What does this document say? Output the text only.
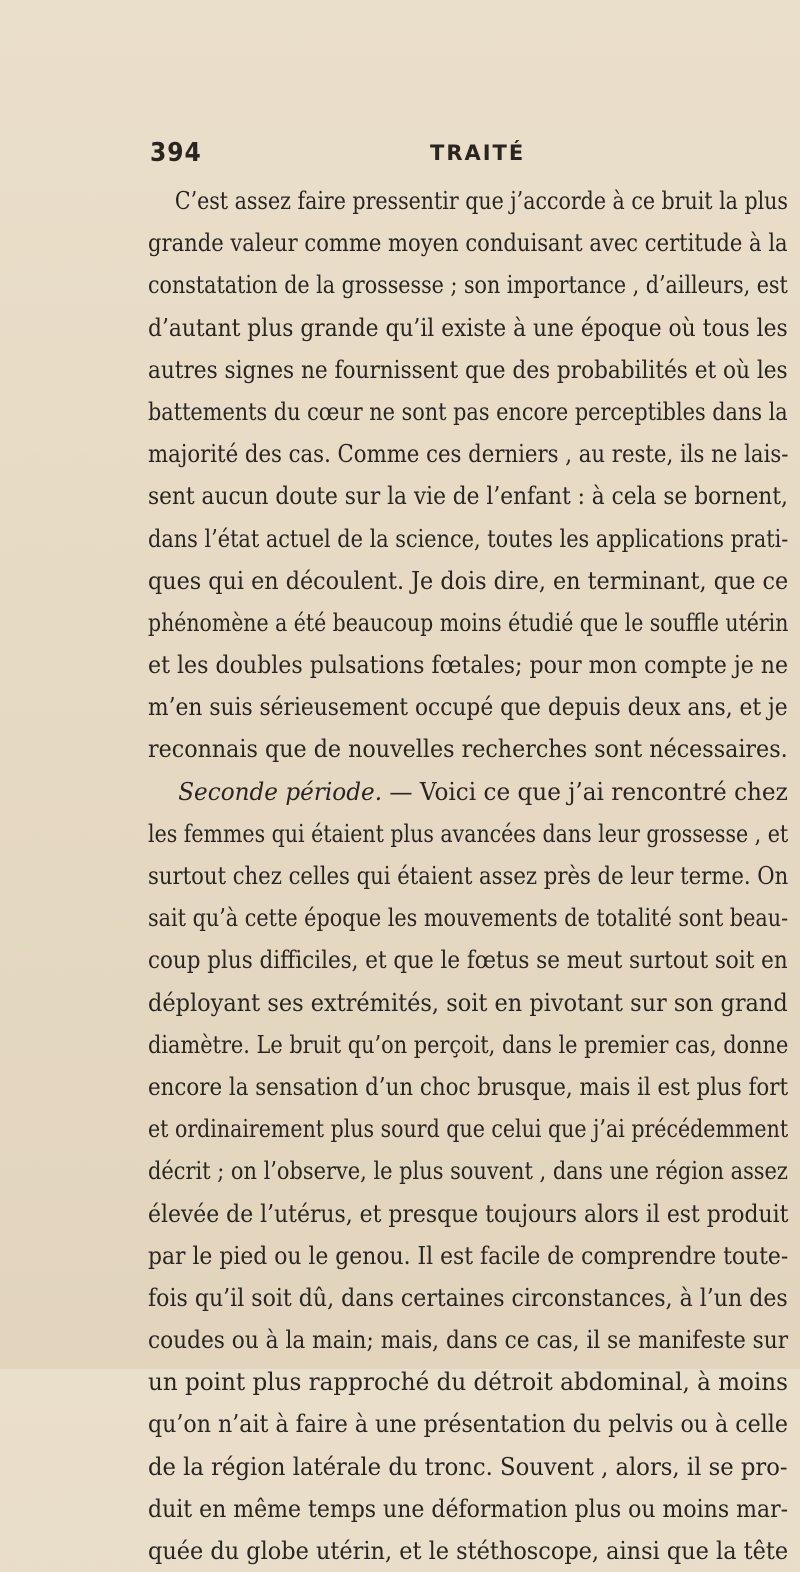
394	TRAITÉ
C’est assez faire pressentir que j’accorde à ce bruit la plus
grande valeur comme moyen conduisant avec certitude à la
constatation de la grossesse ; son importance , d’ailleurs, est
d’autant plus grande qu’il existe à une époque où tous les
autres signes ne fournissent que des probabilités et où les
battements du cœur ne sont pas encore perceptibles dans la
majorité des cas. Comme ces derniers , au reste, ils ne lais-
sent aucun doute sur la vie de l’enfant : à cela se bornent,
dans l’état actuel de la science, toutes les applications prati-
ques qui en découlent. Je dois dire, en terminant, que ce
phénomène a été beaucoup moins étudié que le souffle utérin
et les doubles pulsations fœtales; pour mon compte je ne
m’en suis sérieusement occupé que depuis deux ans, et je
reconnais que de nouvelles recherches sont nécessaires.
Seconde période. — Voici ce que j’ai rencontré chez
les femmes qui étaient plus avancées dans leur grossesse , et
surtout chez celles qui étaient assez près de leur terme. On
sait qu’à cette époque les mouvements de totalité sont beau-
coup plus difficiles, et que le fœtus se meut surtout soit en
déployant ses extrémités, soit en pivotant sur son grand
diamètre. Le bruit qu’on perçoit, dans le premier cas, donne
encore la sensation d’un choc brusque, mais il est plus fort
et ordinairement plus sourd que celui que j’ai précédemment
décrit ; on l’observe, le plus souvent , dans une région assez
élevée de l’utérus, et presque toujours alors il est produit
par le pied ou le genou. Il est facile de comprendre toute-
fois qu’il soit dû, dans certaines circonstances, à l’un des
coudes ou à la main; mais, dans ce cas, il se manifeste sur
un point plus rapproché du détroit abdominal, à moins
qu’on n’ait à faire à une présentation du pelvis ou à celle
de la région latérale du tronc. Souvent , alors, il se pro-
duit en même temps une déformation plus ou moins mar-
quée du globe utérin, et le stéthoscope, ainsi que la tête
